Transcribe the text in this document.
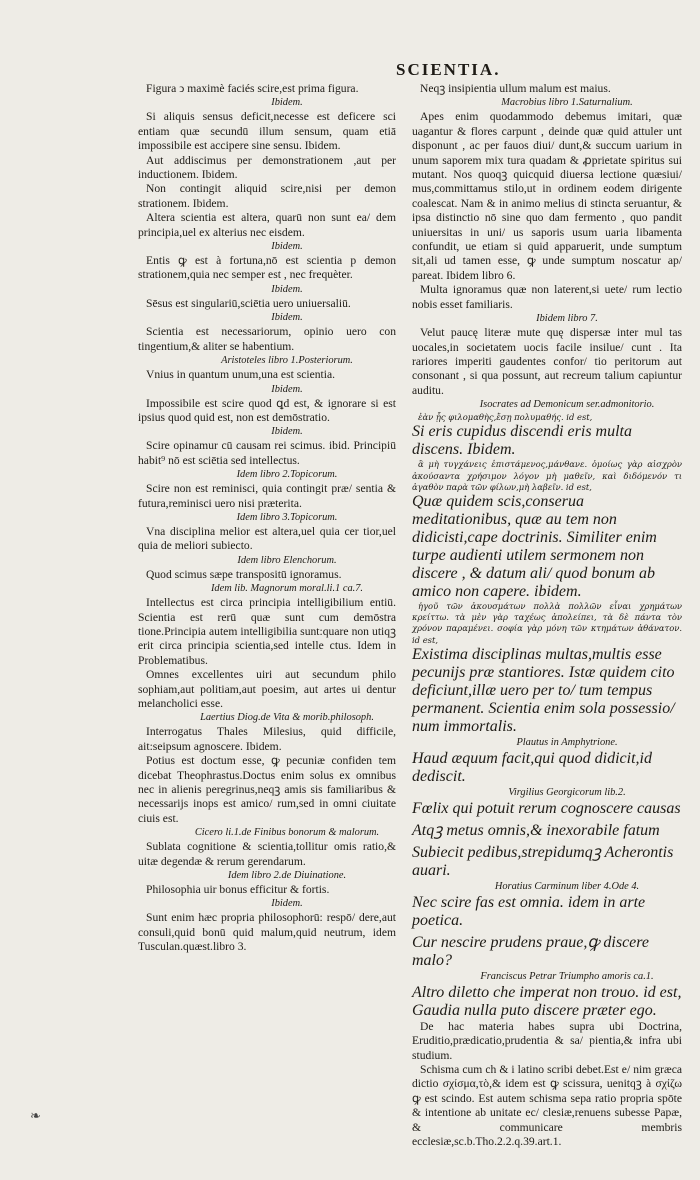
SCIENTIA.

Figura ↄ maximè faciés scire,est prima figura.

Ibidem.

Si aliquis sensus deficit,necesse est deficere sci entiam quæ secundū illum sensum, quam etiā impossibile est accipere sine sensu. Ibidem.

Aut addiscimus per demonstrationem ,aut per inductionem. Ibidem.

Non contingit aliquid scire,nisi per demon strationem. Ibidem.

Altera scientia est altera, quarū non sunt ea/ dem principia,uel ex alterius nec eisdem.

Ibidem.

Entis ꝙ est à fortuna,nō est scientia p demon strationem,quia nec semper est , nec frequèter.

Ibidem.

Sēsus est singulariū,sciētia uero uniuersaliū.

Ibidem.

Scientia est necessariorum, opinio uero con tingentium,& aliter se habentium.

Aristoteles libro 1.Posteriorum.

Vnius in quantum unum,una est scientia.

Ibidem.

Impossibile est scire quod ꝗd est, & ignorare si est ipsius quod quid est, non est demōstratio.

Ibidem.

Scire opinamur cū causam rei scimus. ibid. Principiū habit⁹ nō est sciētia sed intellectus.

Idem libro 2.Topicorum.

Scire non est reminisci, quia contingit præ/ sentia & futura,reminisci uero nisi præterita.

Idem libro 3.Topicorum.

Vna disciplina melior est altera,uel quia cer tior,uel quia de meliori subiecto.

Idem libro Elenchorum.

Quod scimus sæpe transpositū ignoramus.

Idem lib. Magnorum moral.li.1 ca.7.

Intellectus est circa principia intelligibilium entiū. Scientia est rerū quæ sunt cum demōstra tione.Principia autem intelligibilia sunt:quare non utiqꝫ erit circa principia scientia,sed intelle ctus. Idem in Problematibus.

Omnes excellentes uiri aut secundum philo sophiam,aut politiam,aut poesim, aut artes ui dentur melancholici esse.

Laertius Diog.de Vita & morib.philosoph.

Interrogatus Thales Milesius, quid difficile, ait:seipsum agnoscere. Ibidem.

Potius est doctum esse, ꝙ pecuniæ confiden tem dicebat Theophrastus.Doctus enim solus ex omnibus nec in alienis peregrinus,neqꝫ amis sis familiaribus & necessarijs inops est amico/ rum,sed in omni ciuitate ciuis est.

Cicero li.1.de Finibus bonorum & malorum.

Sublata cognitione & scientia,tollitur omis ratio,& uitæ degendæ & rerum gerendarum.

Idem libro 2.de Diuinatione.

Philosophia uir bonus efficitur & fortis.

Ibidem.

Sunt enim hæc propria philosophorū: respō/ dere,aut consuli,quid bonū quid malum,quid neutrum, idem Tusculan.quæst.libro 3.

Neqꝫ insipientia ullum malum est maius.

Macrobius libro 1.Saturnalium.

Apes enim quodammodo debemus imitari, quæ uagantur & flores carpunt , deinde quæ quid attuler unt disponunt , ac per fauos diui/ dunt,& succum uarium in unum saporem mix tura quadam & ꝓprietate spiritus sui mutant. Nos quoqꝫ quicquid diuersa lectione quæsiui/ mus,committamus stilo,ut in ordinem eodem dirigente coalescat. Nam & in animo melius di stincta seruantur, & ipsa distinctio nō sine quo dam fermento , quo pandit uniuersitas in uni/ us saporis usum uaria libamenta confundit, ue etiam si quid apparuerit, unde sumptum sit,ali ud tamen esse, ꝙ unde sumptum noscatur ap/ pareat. Ibidem libro 6.

Multa ignoramus quæ non laterent,si uete/ rum lectio nobis esset familiaris.

Ibidem libro 7.

Velut paucę literæ mute quę dispersæ inter mul tas uocales,in societatem uocis facile insilue/ cunt . Ita rariores imperiti gaudentes confor/ tio peritorum aut consonant , si qua possunt, aut recreum talium capiuntur auditu.

Isocrates ad Demonicum ser.admonitorio.

ἐὰν ᾖς φιλομαθὴς,ἔσῃ πολυμαθής. id est,

Si eris cupidus discendi eris multa discens. Ibidem.

ἃ μὴ τυγχάνεις ἐπιστάμενος,μάνθανε. ὁμοίως γὰρ αἰσχρὸν ἀκούσαντα χρήσιμον λόγον μὴ μαθεῖν, καὶ διδόμενόν τι ἀγαθὸν παρὰ τῶν φίλων,μὴ λαβεῖν. id est,

Quæ quidem scis,conserua meditationibus, quæ au tem non didicisti,cape doctrinis. Similiter enim turpe audienti utilem sermonem non discere , & datum ali/ quod bonum ab amico non capere. ibidem.

ἡγοῦ τῶν ἀκουσμάτων πολλὰ πολλῶν εἶναι χρημάτων κρείττω. τὰ μὲν γὰρ ταχέως ἀπολείπει, τὰ δὲ πάντα τὸν χρόνον παραμένει. σοφία γὰρ μόνη τῶν κτημάτων ἀθάνατον. id est,

Existima disciplinas multas,multis esse pecunijs præ stantiores. Istæ quidem cito deficiunt,illæ uero per to/ tum tempus permanent. Scientia enim sola possessio/ num immortalis.

Plautus in Amphytrione.

Haud æquum facit,qui quod didicit,id dediscit.

Virgilius Georgicorum lib.2.

Fœlix qui potuit rerum cognoscere causas Atqꝫ metus omnis,& inexorabile fatum Subiecit pedibus,strepidumqꝫ Acherontis auari.

Horatius Carminum liber 4.Ode 4.

Nec scire fas est omnia. idem in arte poetica.

Cur nescire prudens praue,ꝙ discere malo?

Franciscus Petrar Triumpho amoris ca.1.

Altro diletto che imperat non trouo. id est,

Gaudia nulla puto discere præter ego.

De hac materia habes supra ubi Doctrina, Eruditio,prædicatio,prudentia & sa/ pientia,& infra ubi studium.

Schisma cum ch & i latino scribi debet.Est e/ nim græca dictio σχίσμα,τὸ,& idem est ꝙ scissura, uenitqꝫ à σχίζω ꝙ est scindo. Est autem schisma sepa ratio propria spōte & intentione ab unitate ec/ clesiæ,renuens subesse Papæ, & communicare membris ecclesiæ,sc.b.Tho.2.2.q.39.art.1.

❧
